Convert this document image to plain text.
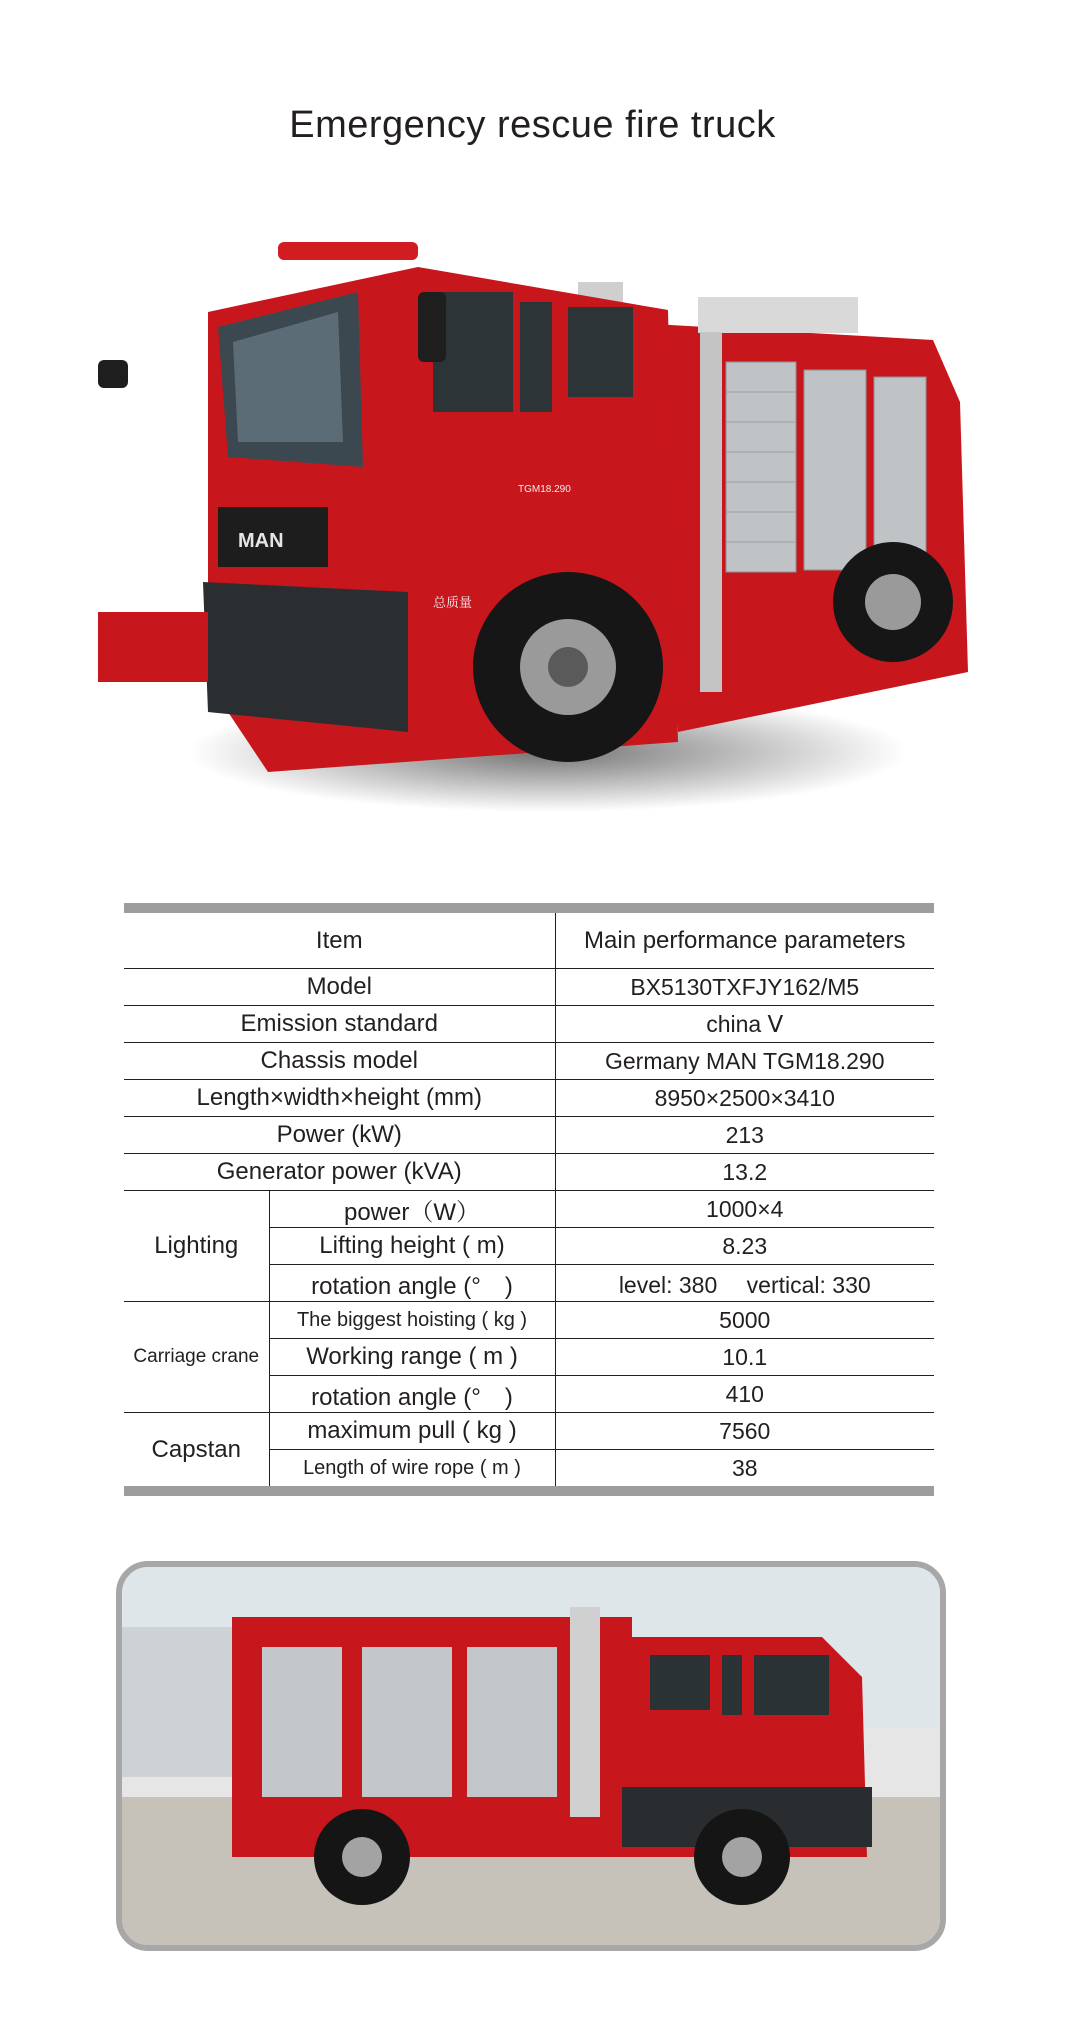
Emergency rescue fire truck
MAN
TGM18.290
总质量
Item		Main performance parameters
Model		BX5130TXFJY162/M5
Emission standard		china Ⅴ
Chassis model		Germany MAN TGM18.290
Length×width×height (mm)		8950×2500×3410
Power (kW)		213
Generator power (kVA)		13.2
Lighting	power（W）	1000×4
	Lifting height ( m)	8.23
	rotation angle (°　)	level: 380　 vertical: 330
Carriage crane	The biggest hoisting ( kg )	5000
	Working range ( m )	10.1
	rotation angle (°　)	410
Capstan	maximum pull ( kg )	7560
	Length of wire rope ( m )	38
